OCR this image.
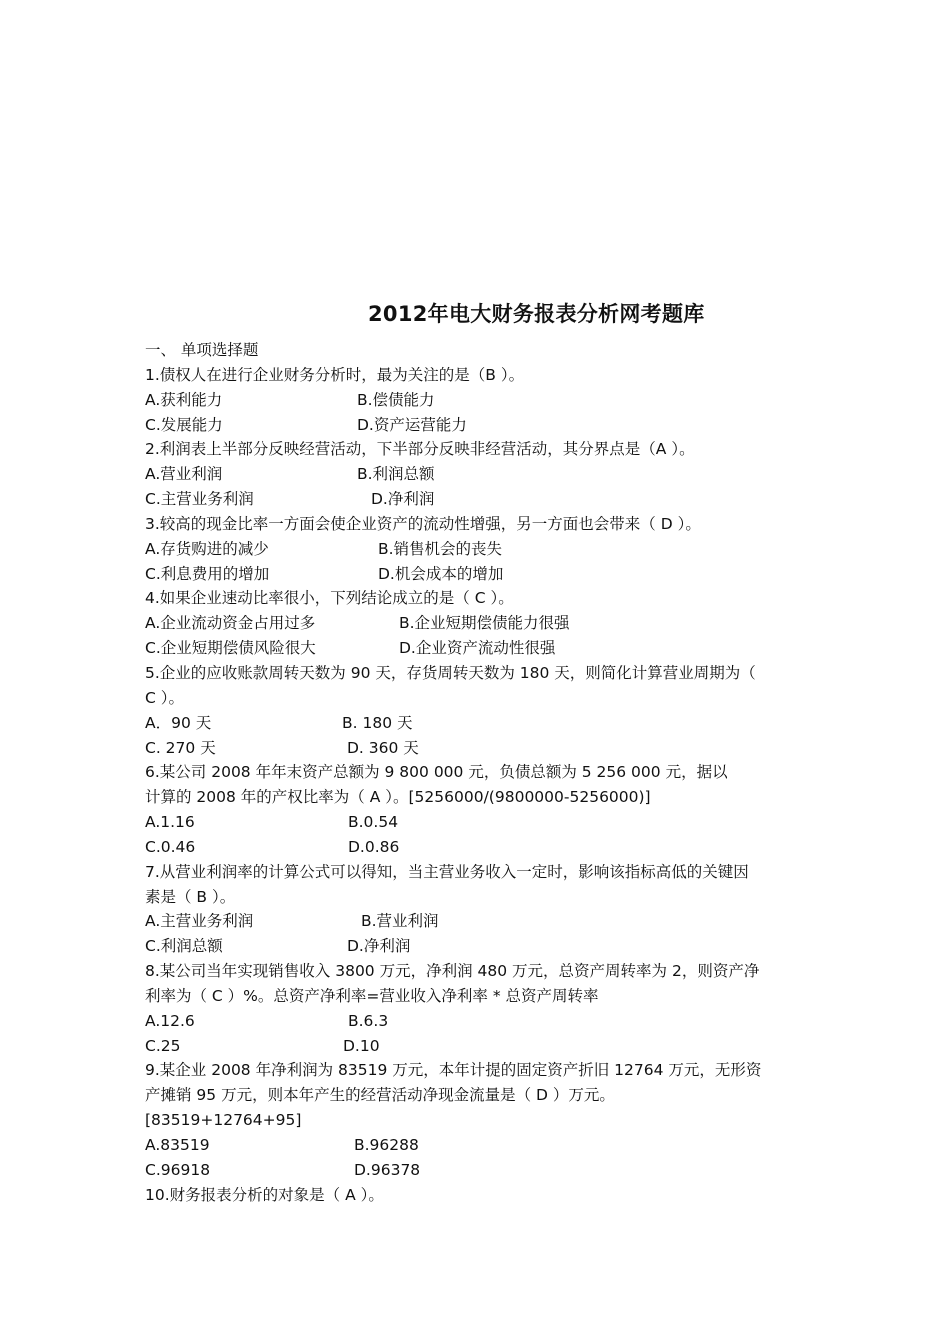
2012年电大财务报表分析网考题库
一、 单项选择题
1.债权人在进行企业财务分析时，最为关注的是（B ）。
A.获利能力	B.偿债能力
C.发展能力	D.资产运营能力
2.利润表上半部分反映经营活动，下半部分反映非经营活动，其分界点是（A ）。
A.营业利润	B.利润总额
C.主营业务利润	D.净利润
3.较高的现金比率一方面会使企业资产的流动性增强，另一方面也会带来（ D ）。
A.存货购进的减少	B.销售机会的丧失
C.利息费用的增加	D.机会成本的增加
4.如果企业速动比率很小，下列结论成立的是（ C ）。
A.企业流动资金占用过多	B.企业短期偿债能力很强
C.企业短期偿债风险很大	D.企业资产流动性很强
5.企业的应收账款周转天数为 90 天，存货周转天数为 180 天，则简化计算营业周期为（
C ）。
A．90 天	B. 180 天
C. 270 天	D. 360 天
6.某公司 2008 年年末资产总额为 9 800 000 元，负债总额为 5 256 000 元，据以
计算的 2008 年的产权比率为（ A ）。[5256000/(9800000-5256000)]
A.1.16	B.0.54
C.0.46	D.0.86
7.从营业利润率的计算公式可以得知，当主营业务收入一定时，影响该指标高低的关键因
素是（ B ）。
A.主营业务利润	B.营业利润
C.利润总额	D.净利润
8.某公司当年实现销售收入 3800 万元，净利润 480 万元，总资产周转率为 2，则资产净
利率为（ C ）%。总资产净利率=营业收入净利率 * 总资产周转率
A.12.6	B.6.3
C.25	D.10
9.某企业 2008 年净利润为 83519 万元，本年计提的固定资产折旧 12764 万元，无形资
产摊销 95 万元，则本年产生的经营活动净现金流量是（ D ）万元。
[83519+12764+95]
A.83519	B.96288
C.96918	D.96378
10.财务报表分析的对象是（ A ）。
